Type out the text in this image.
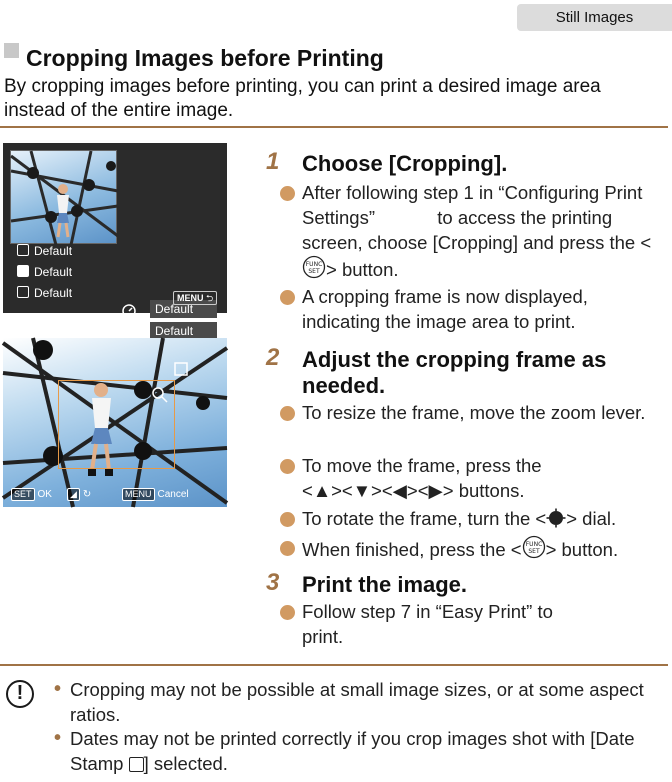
Still Images
Cropping Images before Printing
By cropping images before printing, you can print a desired image area instead of the entire image.
Default
Default

Default
Default
Default	MENU ⮌
SET OK	◢ ↻	MENU Cancel
1 Choose [Cropping].
After following step 1 in “Configuring Print Settings”	to access the printing screen, choose [Cropping] and press the <
FUNC
SET > button.
A cropping frame is now displayed, indicating the image area to print.
2 Adjust the cropping frame as needed.
To resize the frame, move the zoom lever.
To move the frame, press the
<▲><▼><◀><▶> buttons.
To rotate the frame, turn the < > dial.
When finished, press the < FUNC
SET > button.
3 Print the image.
Follow step 7 in “Easy Print” to print.
!	• Cropping may not be possible at small image sizes, or at some aspect ratios.
• Dates may not be printed correctly if you crop images shot with [Date Stamp ] selected.
